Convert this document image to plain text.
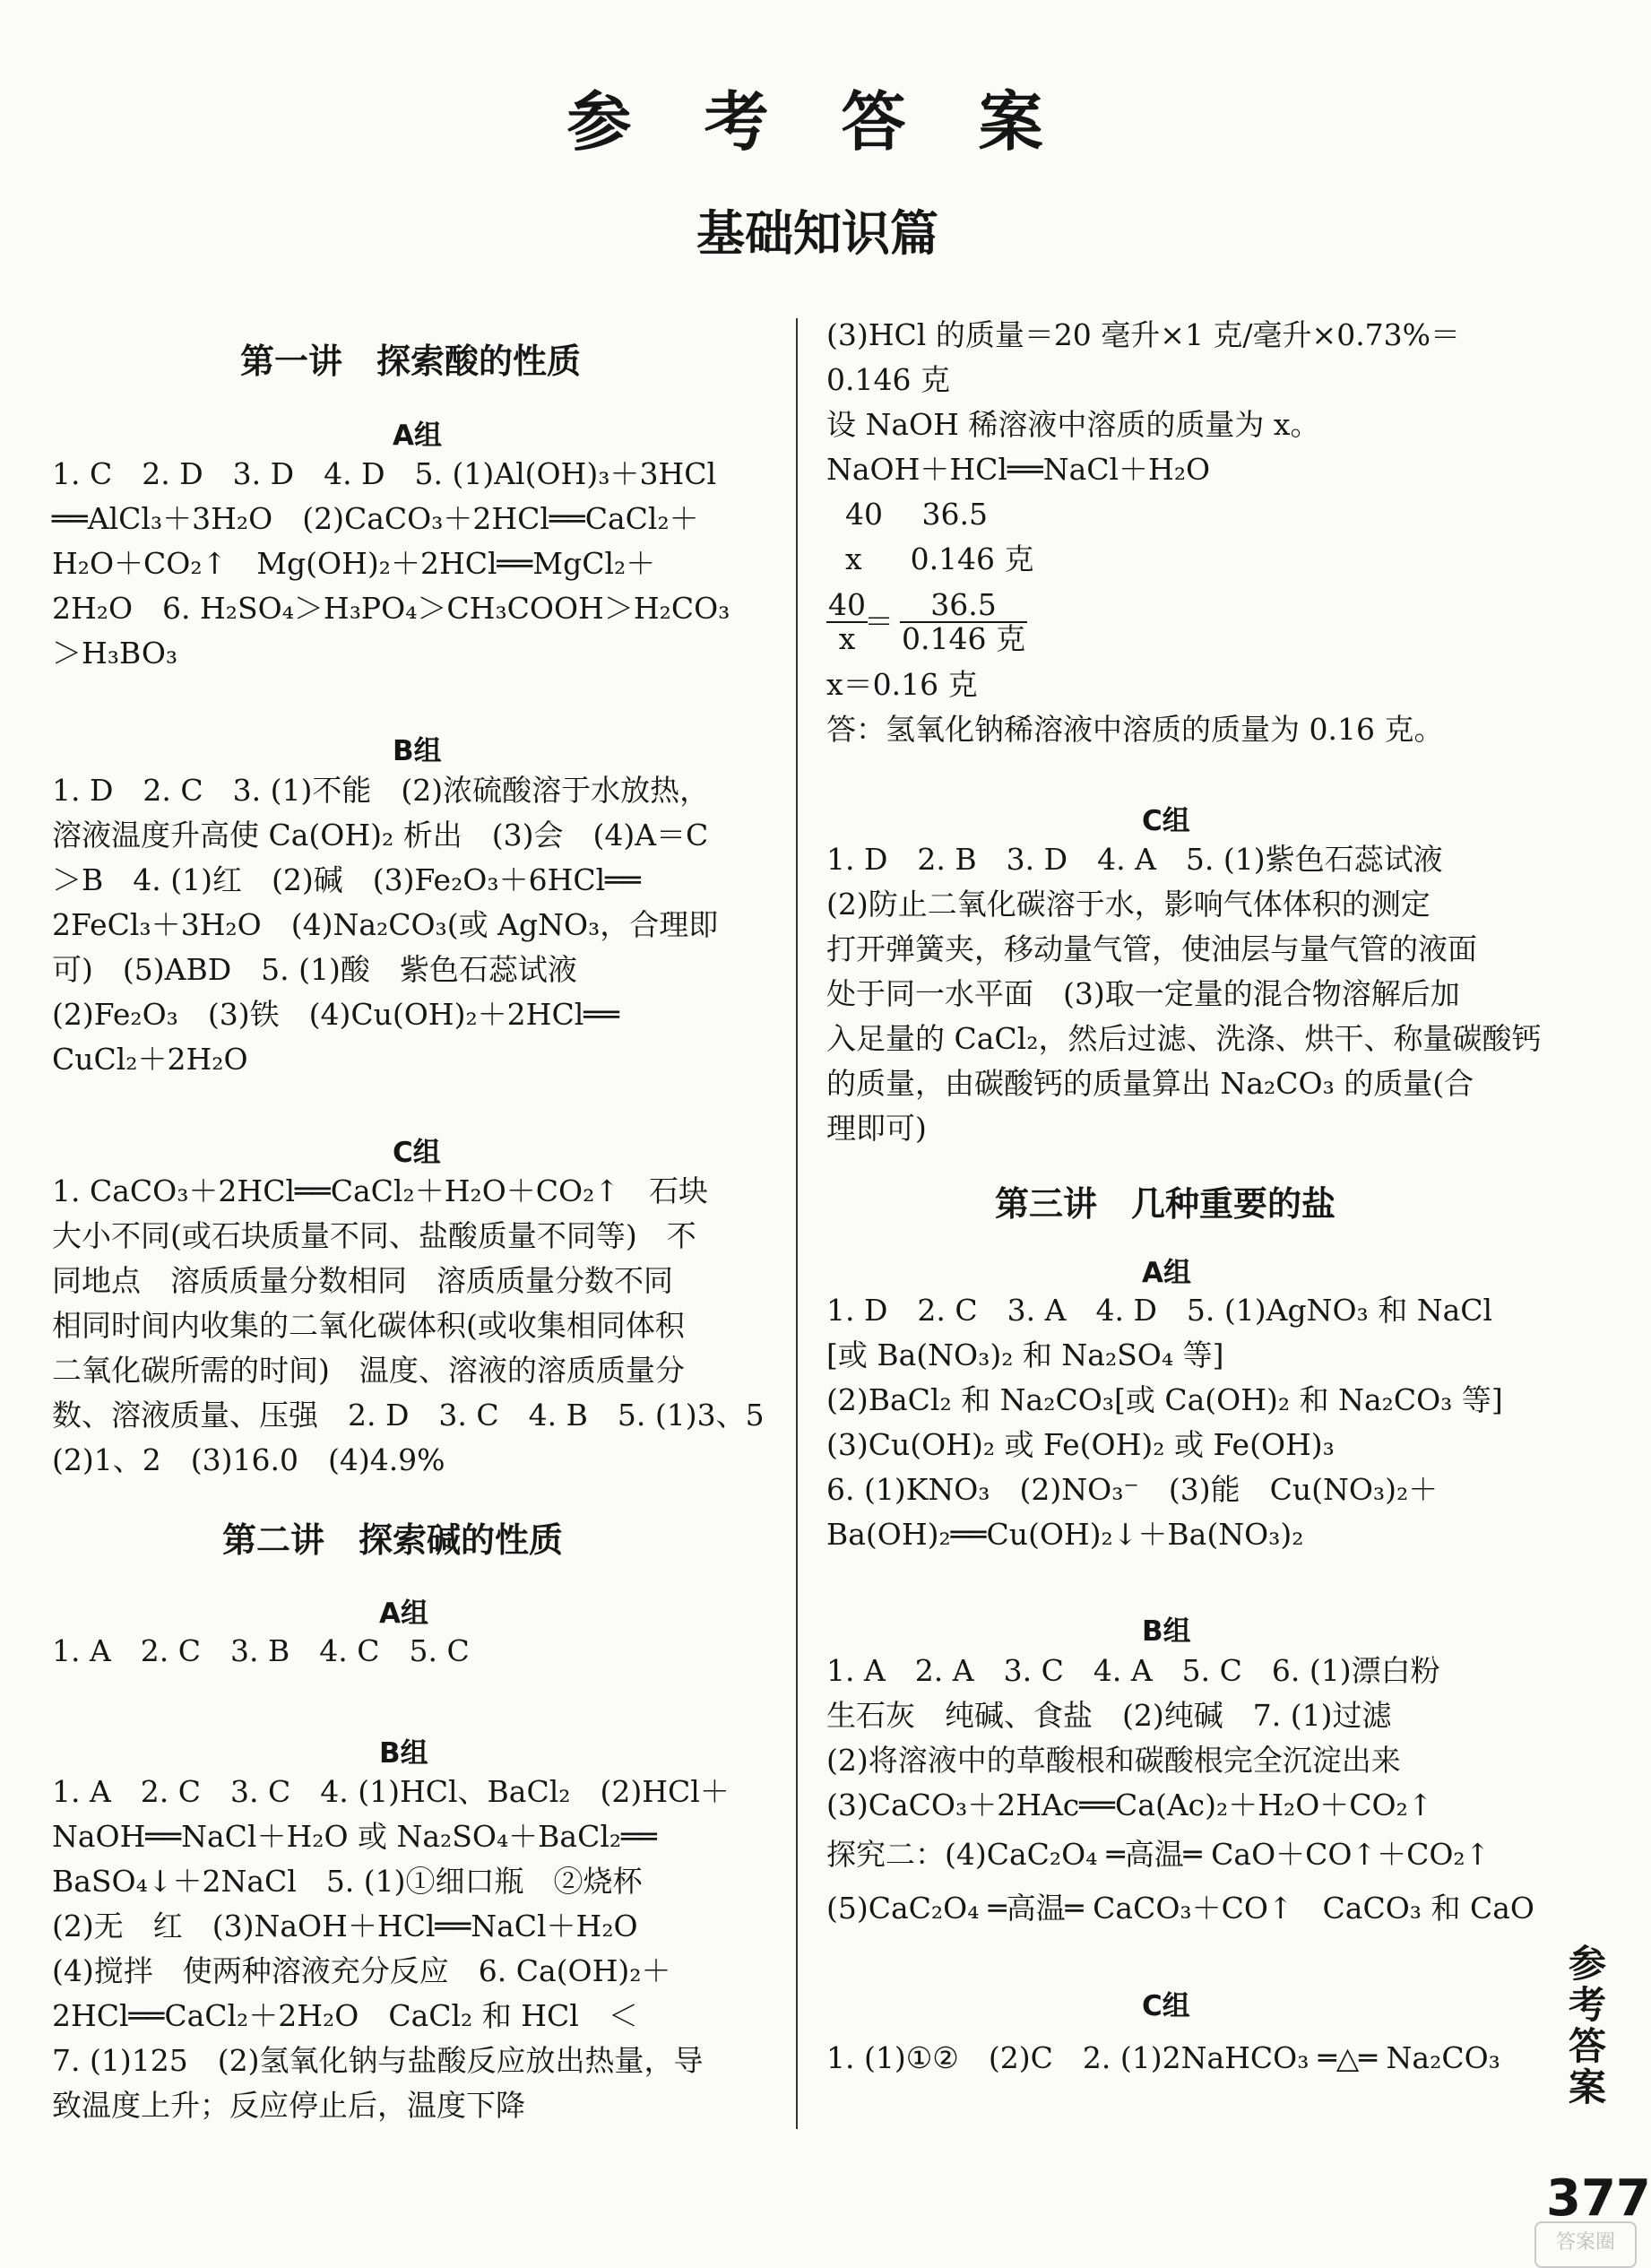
参 考 答 案
基础知识篇
第一讲　探索酸的性质
A组
1. C　2. D　3. D　4. D　5. (1)Al(OH)₃＋3HCl
══AlCl₃＋3H₂O　(2)CaCO₃＋2HCl══CaCl₂＋
H₂O＋CO₂↑　Mg(OH)₂＋2HCl══MgCl₂＋
2H₂O　6. H₂SO₄＞H₃PO₄＞CH₃COOH＞H₂CO₃
＞H₃BO₃
B组
1. D　2. C　3. (1)不能　(2)浓硫酸溶于水放热，
溶液温度升高使 Ca(OH)₂ 析出　(3)会　(4)A＝C
＞B　4. (1)红　(2)碱　(3)Fe₂O₃＋6HCl══
2FeCl₃＋3H₂O　(4)Na₂CO₃(或 AgNO₃，合理即
可)　(5)ABD　5. (1)酸　紫色石蕊试液
(2)Fe₂O₃　(3)铁　(4)Cu(OH)₂＋2HCl══
CuCl₂＋2H₂O
C组
1. CaCO₃＋2HCl══CaCl₂＋H₂O＋CO₂↑　石块
大小不同(或石块质量不同、盐酸质量不同等)　不
同地点　溶质质量分数相同　溶质质量分数不同
相同时间内收集的二氧化碳体积(或收集相同体积
二氧化碳所需的时间)　温度、溶液的溶质质量分
数、溶液质量、压强　2. D　3. C　4. B　5. (1)3、5
(2)1、2　(3)16.0　(4)4.9%
第二讲　探索碱的性质
A组
1. A　2. C　3. B　4. C　5. C
B组
1. A　2. C　3. C　4. (1)HCl、BaCl₂　(2)HCl＋
NaOH══NaCl＋H₂O 或 Na₂SO₄＋BaCl₂══
BaSO₄↓＋2NaCl　5. (1)①细口瓶　②烧杯
(2)无　红　(3)NaOH＋HCl══NaCl＋H₂O
(4)搅拌　使两种溶液充分反应　6. Ca(OH)₂＋
2HCl══CaCl₂＋2H₂O　CaCl₂ 和 HCl　＜
7. (1)125　(2)氢氧化钠与盐酸反应放出热量，导
致温度上升；反应停止后，温度下降
(3)HCl 的质量＝20 毫升×1 克/毫升×0.73%＝
0.146 克
设 NaOH 稀溶液中溶质的质量为 x。
NaOH＋HCl══NaCl＋H₂O
40　 36.5
x　  0.146 克
$\frac{40}{x}$
＝	36.5
0.146 克
x＝0.16 克
答：氢氧化钠稀溶液中溶质的质量为 0.16 克。
C组
1. D　2. B　3. D　4. A　5. (1)紫色石蕊试液
(2)防止二氧化碳溶于水，影响气体体积的测定
打开弹簧夹，移动量气管，使油层与量气管的液面
处于同一水平面　(3)取一定量的混合物溶解后加
入足量的 CaCl₂，然后过滤、洗涤、烘干、称量碳酸钙
的质量，由碳酸钙的质量算出 Na₂CO₃ 的质量(合
理即可)
第三讲　几种重要的盐
A组
1. D　2. C　3. A　4. D　5. (1)AgNO₃ 和 NaCl
[或 Ba(NO₃)₂ 和 Na₂SO₄ 等]
(2)BaCl₂ 和 Na₂CO₃[或 Ca(OH)₂ 和 Na₂CO₃ 等]
(3)Cu(OH)₂ 或 Fe(OH)₂ 或 Fe(OH)₃
6. (1)KNO₃　(2)NO₃⁻　(3)能　Cu(NO₃)₂＋
Ba(OH)₂══Cu(OH)₂↓＋Ba(NO₃)₂
B组
1. A　2. A　3. C　4. A　5. C　6. (1)漂白粉
生石灰　纯碱、食盐　(2)纯碱　7. (1)过滤
(2)将溶液中的草酸根和碳酸根完全沉淀出来
(3)CaCO₃＋2HAc══Ca(Ac)₂＋H₂O＋CO₂↑
探究二：(4)CaC₂O₄ ═高温═ CaO＋CO↑＋CO₂↑
(5)CaC₂O₄ ═高温═ CaCO₃＋CO↑　CaCO₃ 和 CaO
C组
1. (1)①②　(2)C　2. (1)2NaHCO₃ ═△═ Na₂CO₃
参
考
答
案
377
答案圈
